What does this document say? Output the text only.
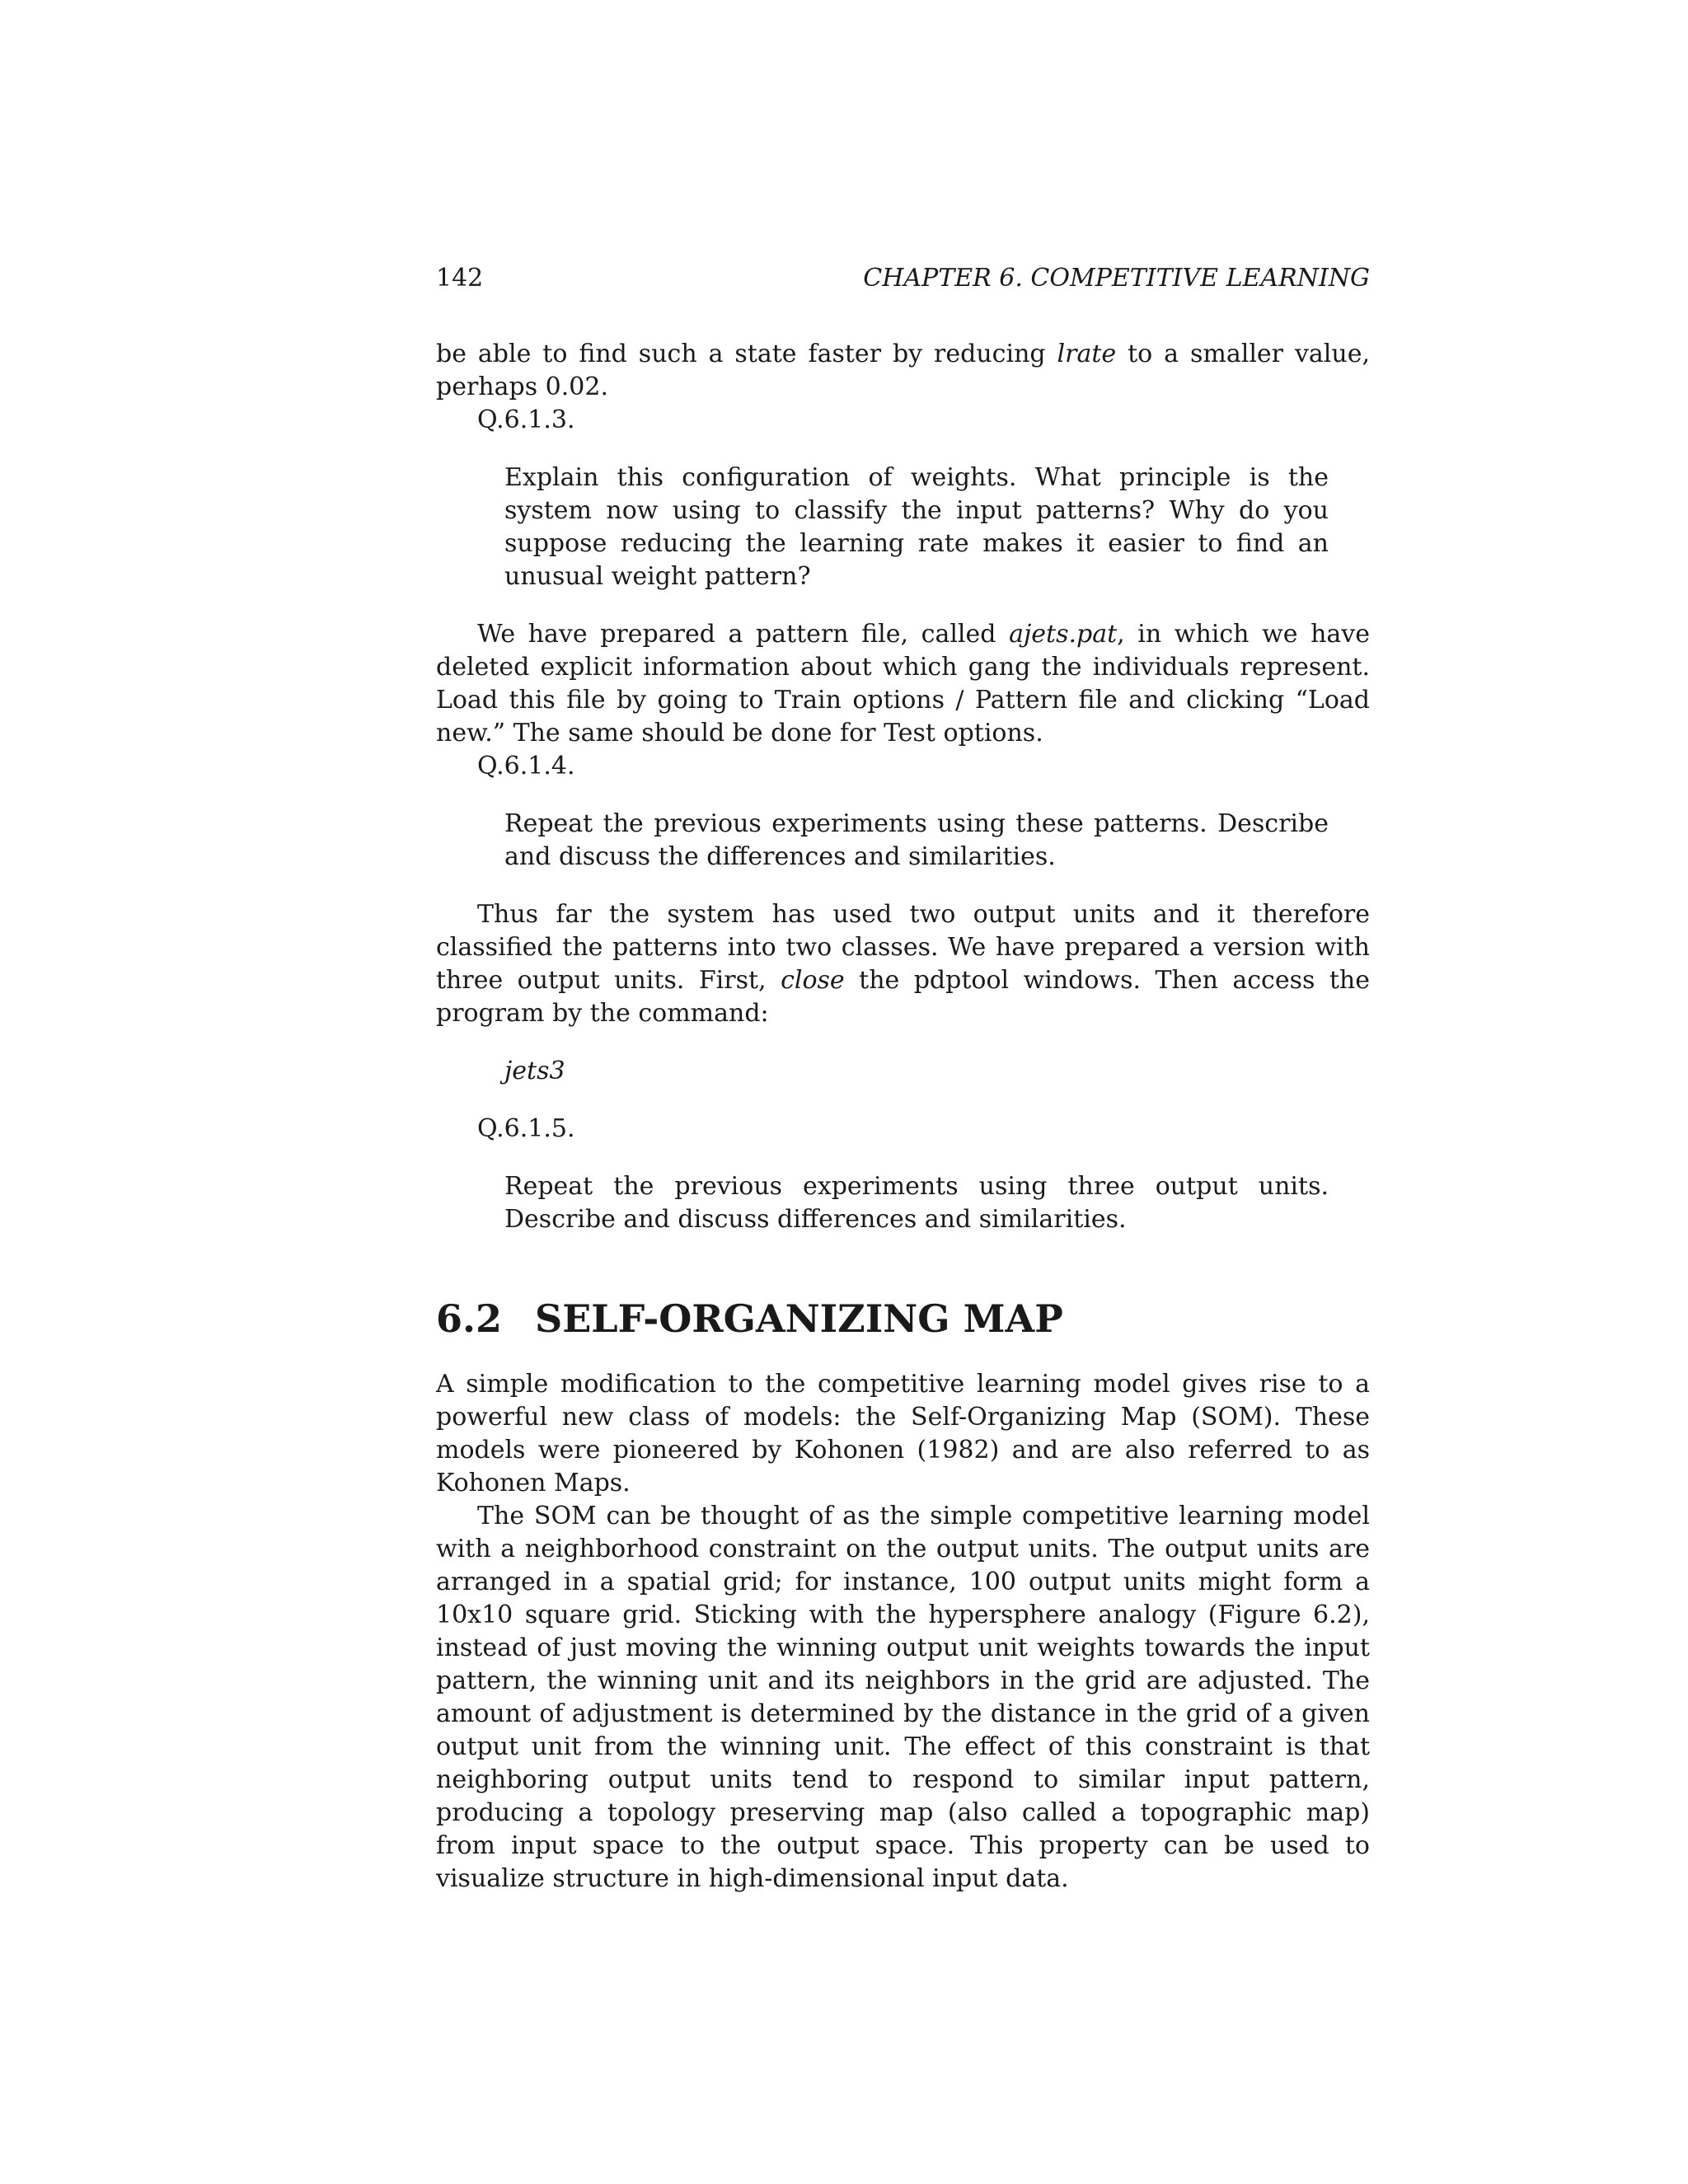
142	CHAPTER 6. COMPETITIVE LEARNING

be able to find such a state faster by reducing lrate to a smaller value, perhaps 0.02.

Q.6.1.3.

Explain this configuration of weights. What principle is the system now using to classify the input patterns? Why do you suppose reducing the learning rate makes it easier to find an unusual weight pattern?

We have prepared a pattern file, called ajets.pat, in which we have deleted explicit information about which gang the individuals represent. Load this file by going to Train options / Pattern file and clicking “Load new.” The same should be done for Test options.

Q.6.1.4.

Repeat the previous experiments using these patterns. Describe and discuss the differences and similarities.

Thus far the system has used two output units and it therefore classified the patterns into two classes. We have prepared a version with three output units. First, close the pdptool windows. Then access the program by the command:

jets3

Q.6.1.5.

Repeat the previous experiments using three output units. Describe and discuss differences and similarities.

6.2 SELF-ORGANIZING MAP

A simple modification to the competitive learning model gives rise to a powerful new class of models: the Self-Organizing Map (SOM). These models were pioneered by Kohonen (1982) and are also referred to as Kohonen Maps.

The SOM can be thought of as the simple competitive learning model with a neighborhood constraint on the output units. The output units are arranged in a spatial grid; for instance, 100 output units might form a 10x10 square grid. Sticking with the hypersphere analogy (Figure 6.2), instead of just moving the winning output unit weights towards the input pattern, the winning unit and its neighbors in the grid are adjusted. The amount of adjustment is determined by the distance in the grid of a given output unit from the winning unit. The effect of this constraint is that neighboring output units tend to respond to similar input pattern, producing a topology preserving map (also called a topographic map) from input space to the output space. This property can be used to visualize structure in high-dimensional input data.
